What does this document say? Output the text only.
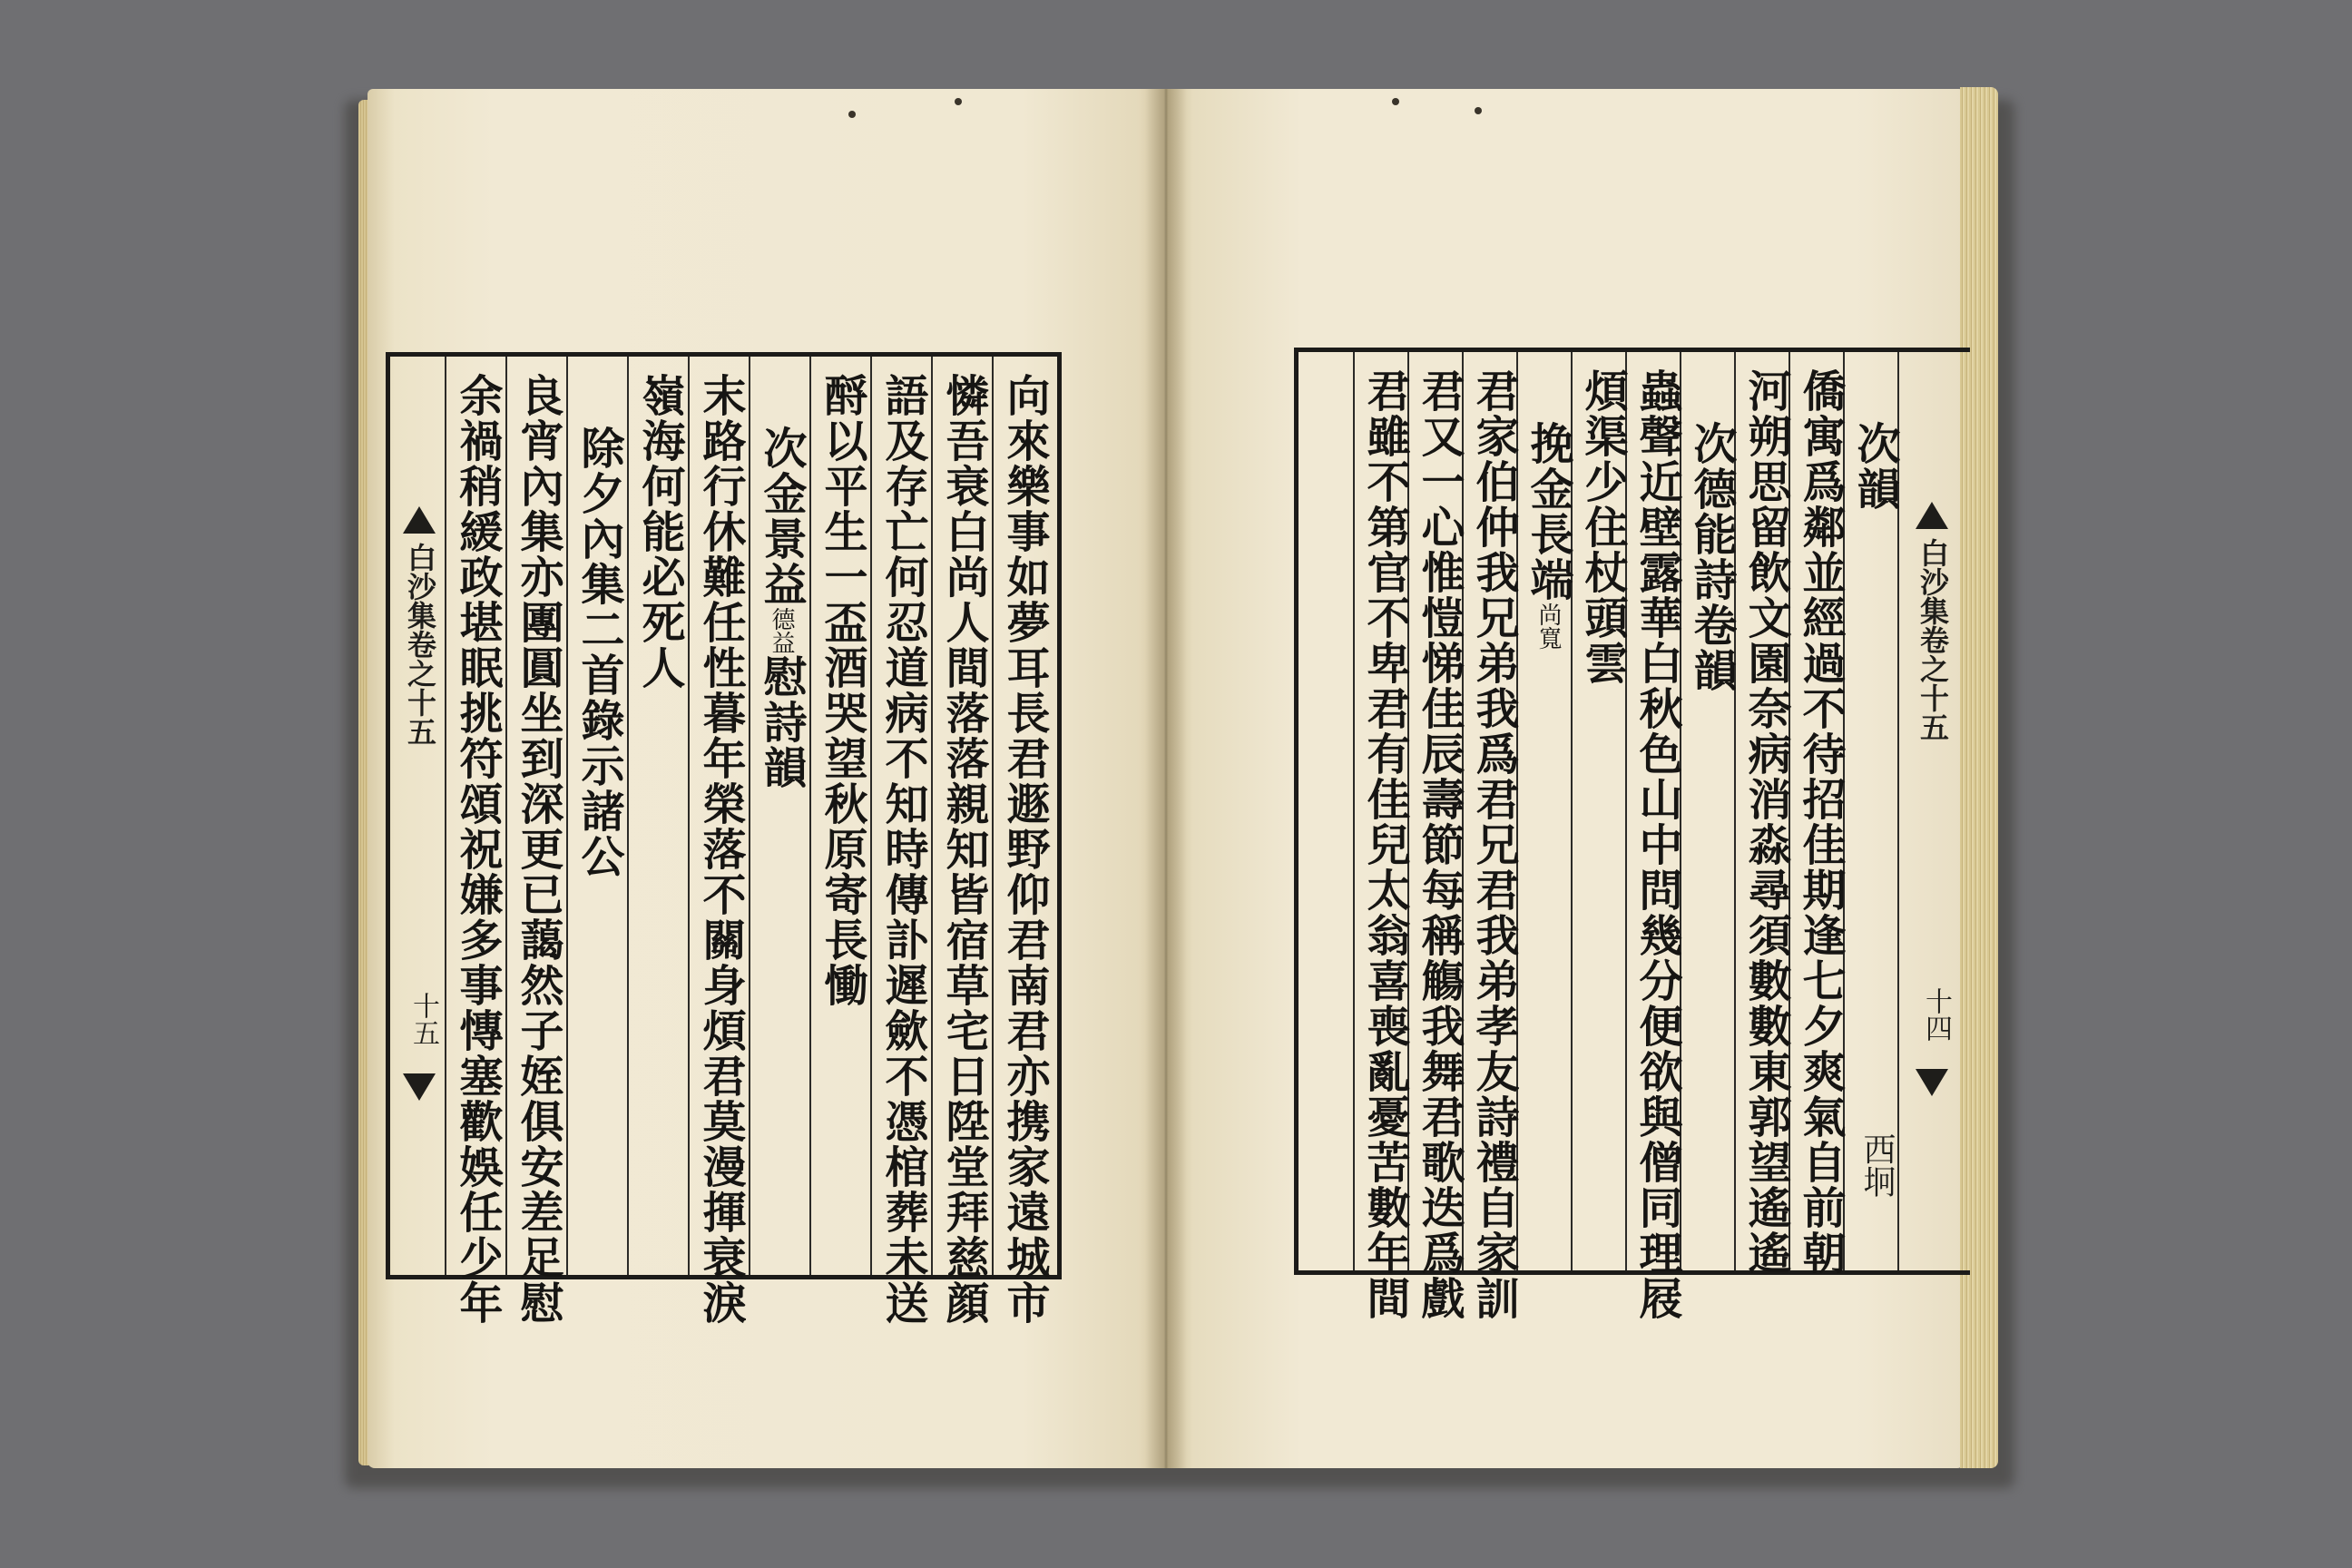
向來樂事如夢耳長君遯野仰君南君亦携家遠城市
憐吾衰白尚人間落落親知皆宿草宅日陞堂拜慈顔
語及存亡何忍道病不知時傳訃遲歛不憑棺葬未送
酹以平生一盃酒哭望秋原寄長慟
次金景益德益慰詩韻
末路行休難任性暮年榮落不關身煩君莫漫揮衰淚
嶺海何能必死人
除夕內集二首錄示諸公
良宵內集亦團圓坐到深更已藹然子姪俱安差足慰
余禍稍緩政堪眠挑符頌祝嫌多事慱塞歡娛任少年
白沙集卷之十五
十五
次韻
西坰
僑寓爲鄰並經過不待招佳期逢七夕爽氣自前朝
河朔思留飲文園奈病消淼尋須數數東郭望遙遙
次德能詩卷韻
蟲聲近壁露華白秋色山中問幾分便欲與僧同理屐
煩渠少住杖頭雲
挽金長端尚寬
君家伯仲我兄弟我爲君兄君我弟孝友詩禮自家訓
君又一心惟愷悌佳辰壽節每稱觴我舞君歌迭爲戲
君雖不第官不卑君有佳兒太翁喜喪亂憂苦數年間	白沙集卷之十五
十四
